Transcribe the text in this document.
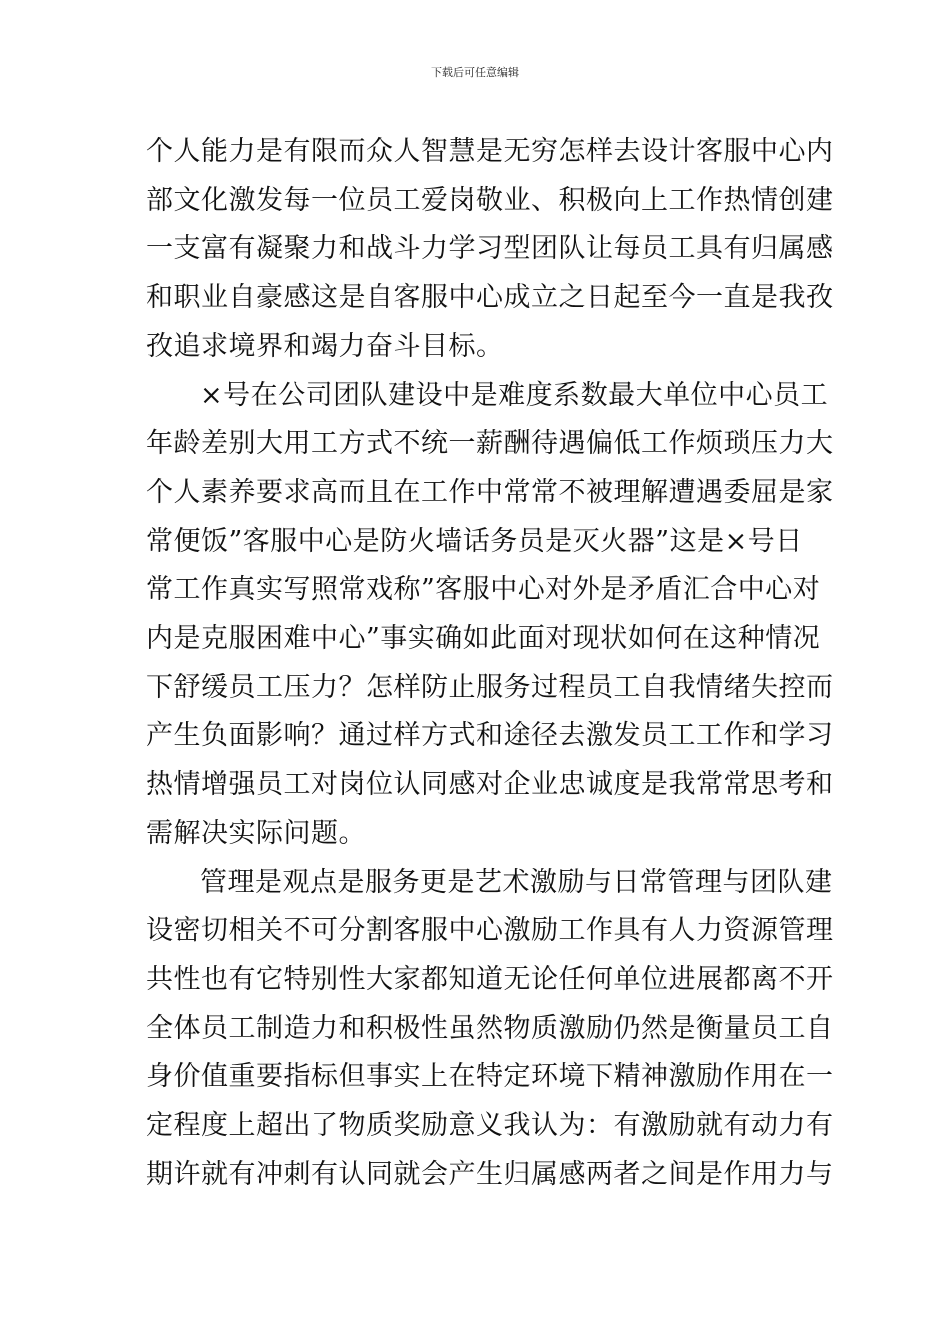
下载后可任意编辑

个人能力是有限而众人智慧是无穷怎样去设计客服中心内
部文化激发每一位员工爱岗敬业、积极向上工作热情创建
一支富有凝聚力和战斗力学习型团队让每员工具有归属感
和职业自豪感这是自客服中心成立之日起至今一直是我孜
孜追求境界和竭力奋斗目标。

×号在公司团队建设中是难度系数最大单位中心员工
年龄差别大用工方式不统一薪酬待遇偏低工作烦琐压力大
个人素养要求高而且在工作中常常不被理解遭遇委屈是家
常便饭”客服中心是防火墙话务员是灭火器”这是×号日
常工作真实写照常戏称”客服中心对外是矛盾汇合中心对
内是克服困难中心”事实确如此面对现状如何在这种情况
下舒缓员工压力？怎样防止服务过程员工自我情绪失控而
产生负面影响？通过样方式和途径去激发员工工作和学习
热情增强员工对岗位认同感对企业忠诚度是我常常思考和
需解决实际问题。

管理是观点是服务更是艺术激励与日常管理与团队建
设密切相关不可分割客服中心激励工作具有人力资源管理
共性也有它特别性大家都知道无论任何单位进展都离不开
全体员工制造力和积极性虽然物质激励仍然是衡量员工自
身价值重要指标但事实上在特定环境下精神激励作用在一
定程度上超出了物质奖励意义我认为：有激励就有动力有
期许就有冲刺有认同就会产生归属感两者之间是作用力与
